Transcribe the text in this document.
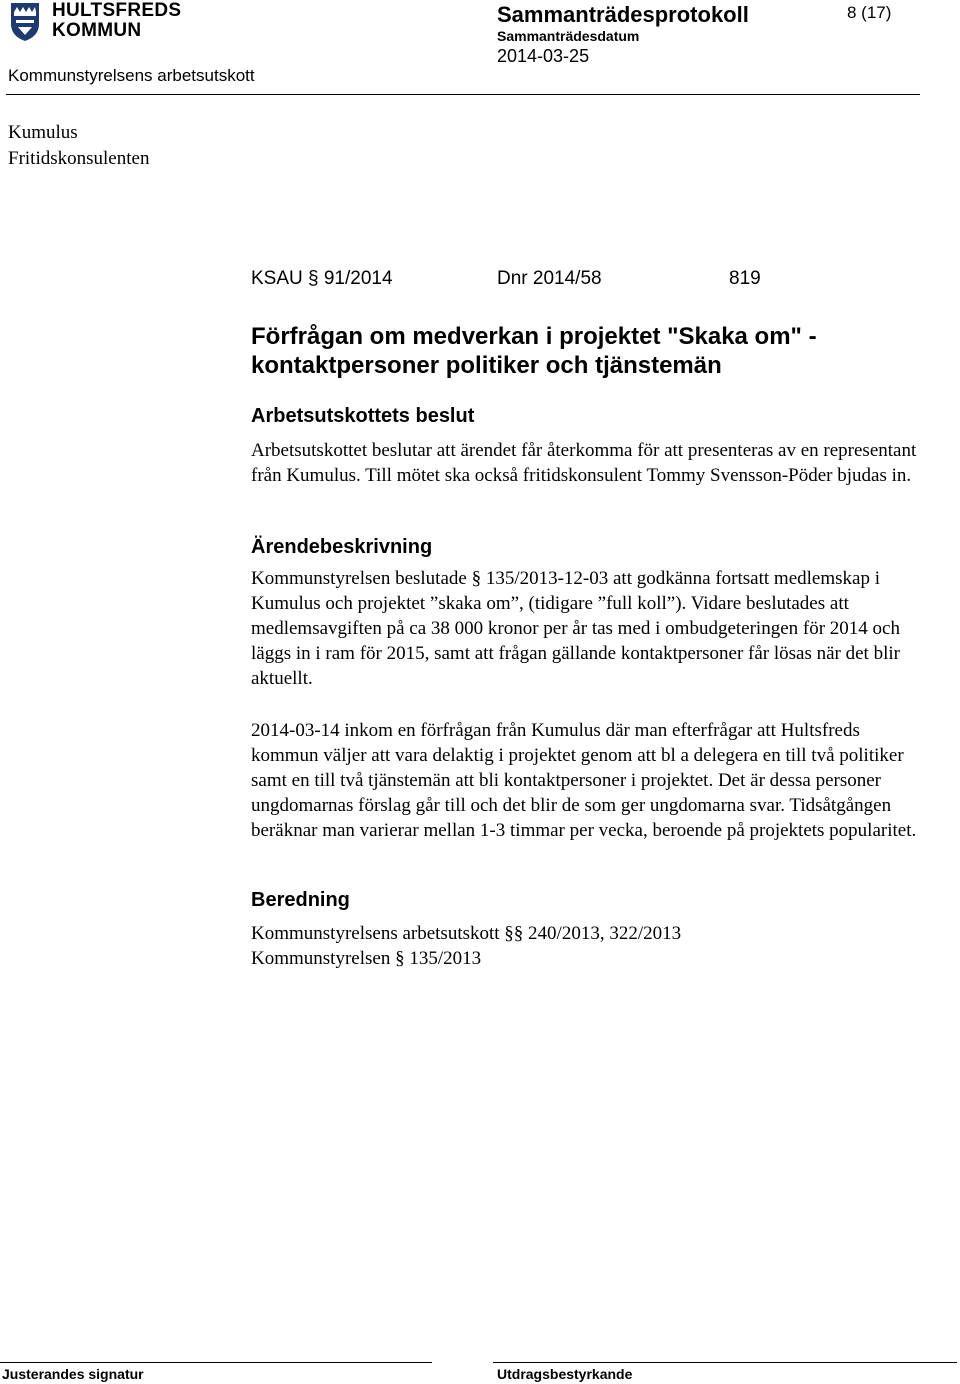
HULTSFREDS
KOMMUN
Kommunstyrelsens arbetsutskott
Sammanträdesprotokoll
Sammanträdesdatum
2014-03-25
8 (17)
Kumulus
Fritidskonsulenten
KSAU § 91/2014	Dnr 2014/58	819
Förfrågan om medverkan i projektet "Skaka om" - kontaktpersoner politiker och tjänstemän
Arbetsutskottets beslut
Arbetsutskottet beslutar att ärendet får återkomma för att presenteras av en representant från Kumulus. Till mötet ska också fritidskonsulent Tommy Svensson-Pöder bjudas in.
Ärendebeskrivning
Kommunstyrelsen beslutade § 135/2013-12-03 att godkänna fortsatt medlemskap i Kumulus och projektet ”skaka om”, (tidigare ”full koll”). Vidare beslutades att medlemsavgiften på ca 38 000 kronor per år tas med i ombudgeteringen för 2014 och läggs in i ram för 2015, samt att frågan gällande kontaktpersoner får lösas när det blir aktuellt.
2014-03-14 inkom en förfrågan från Kumulus där man efterfrågar att Hultsfreds kommun väljer att vara delaktig i projektet genom att bl a delegera en till två politiker samt en till två tjänstemän att bli kontaktpersoner i projektet. Det är dessa personer ungdomarnas förslag går till och det blir de som ger ungdomarna svar. Tidsåtgången beräknar man varierar mellan 1-3 timmar per vecka, beroende på projektets popularitet.
Beredning
Kommunstyrelsens arbetsutskott §§ 240/2013, 322/2013
Kommunstyrelsen § 135/2013
Justerandes signatur	Utdragsbestyrkande
